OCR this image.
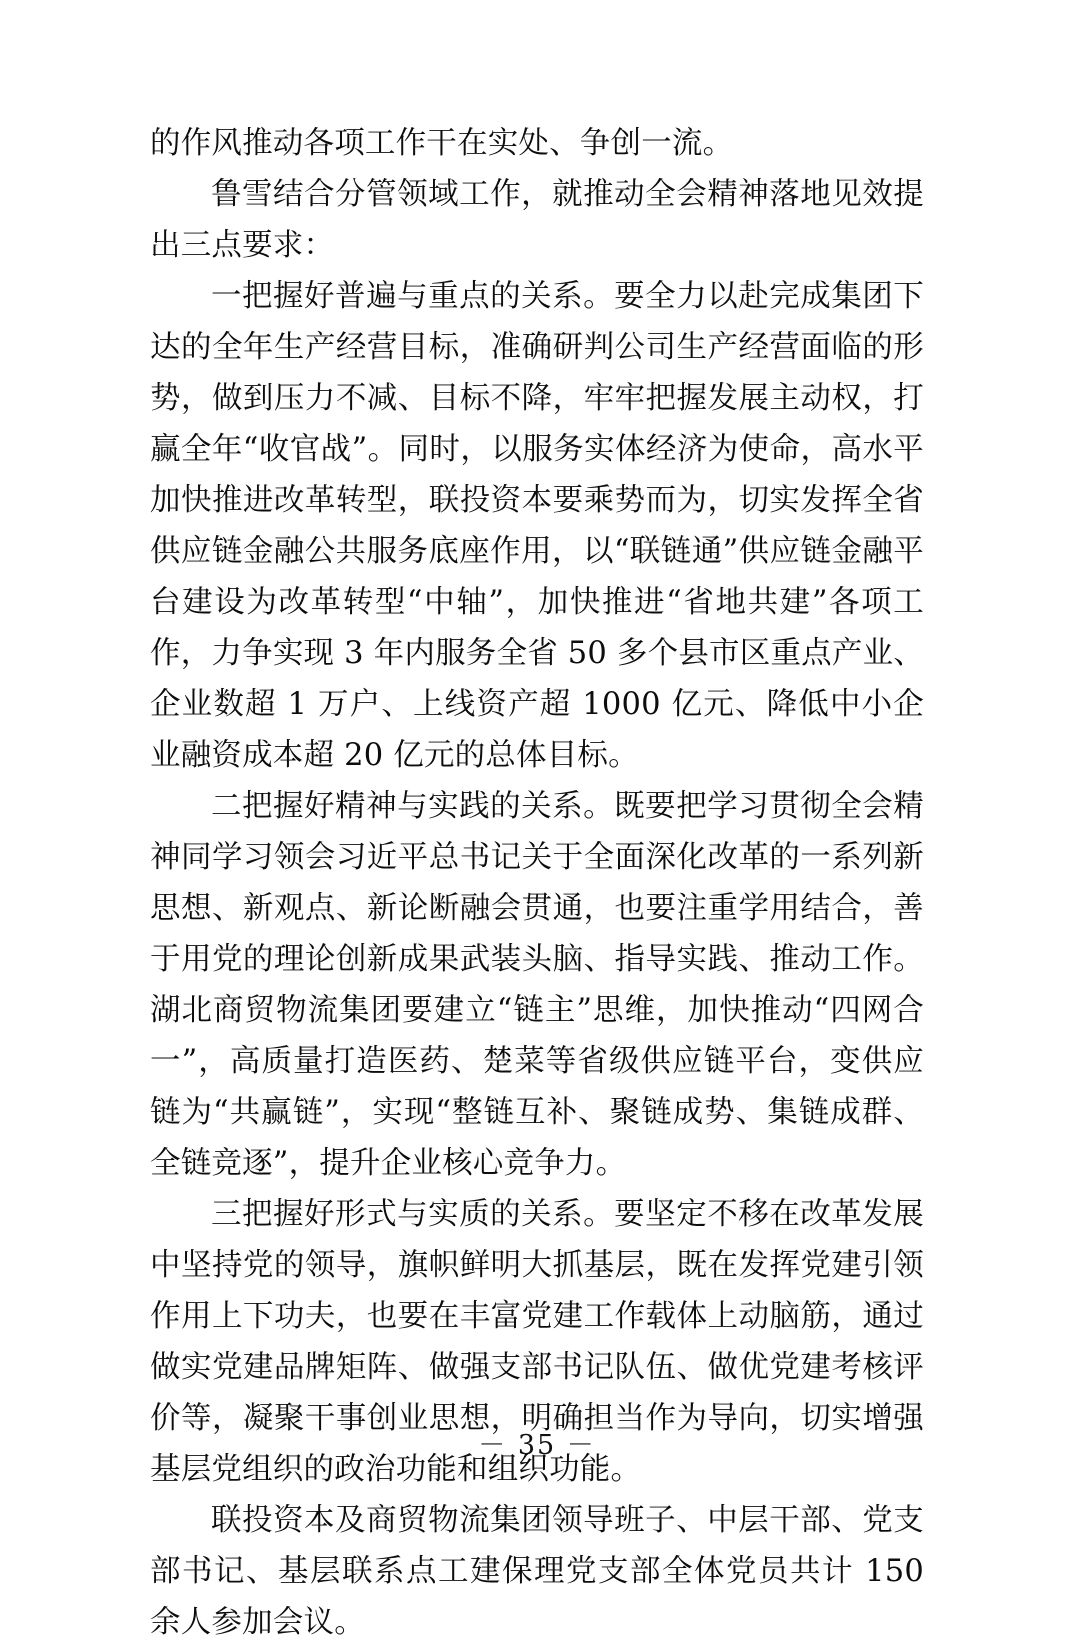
的作风推动各项工作干在实处、争创一流。

鲁雪结合分管领域工作，就推动全会精神落地见效提出三点要求：

一把握好普遍与重点的关系。要全力以赴完成集团下达的全年生产经营目标，准确研判公司生产经营面临的形势，做到压力不减、目标不降，牢牢把握发展主动权，打赢全年“收官战”。同时，以服务实体经济为使命，高水平加快推进改革转型，联投资本要乘势而为，切实发挥全省供应链金融公共服务底座作用，以“联链通”供应链金融平台建设为改革转型“中轴”，加快推进“省地共建”各项工作，力争实现 3 年内服务全省 50 多个县市区重点产业、企业数超 1 万户、上线资产超 1000 亿元、降低中小企业融资成本超 20 亿元的总体目标。

二把握好精神与实践的关系。既要把学习贯彻全会精神同学习领会习近平总书记关于全面深化改革的一系列新思想、新观点、新论断融会贯通，也要注重学用结合，善于用党的理论创新成果武装头脑、指导实践、推动工作。湖北商贸物流集团要建立“链主”思维，加快推动“四网合一”，高质量打造医药、楚菜等省级供应链平台，变供应链为“共赢链”，实现“整链互补、聚链成势、集链成群、全链竞逐”，提升企业核心竞争力。

三把握好形式与实质的关系。要坚定不移在改革发展中坚持党的领导，旗帜鲜明大抓基层，既在发挥党建引领作用上下功夫，也要在丰富党建工作载体上动脑筋，通过做实党建品牌矩阵、做强支部书记队伍、做优党建考核评价等，凝聚干事创业思想，明确担当作为导向，切实增强基层党组织的政治功能和组织功能。

联投资本及商贸物流集团领导班子、中层干部、党支部书记、基层联系点工建保理党支部全体党员共计 150 余人参加会议。

－ 35 －
